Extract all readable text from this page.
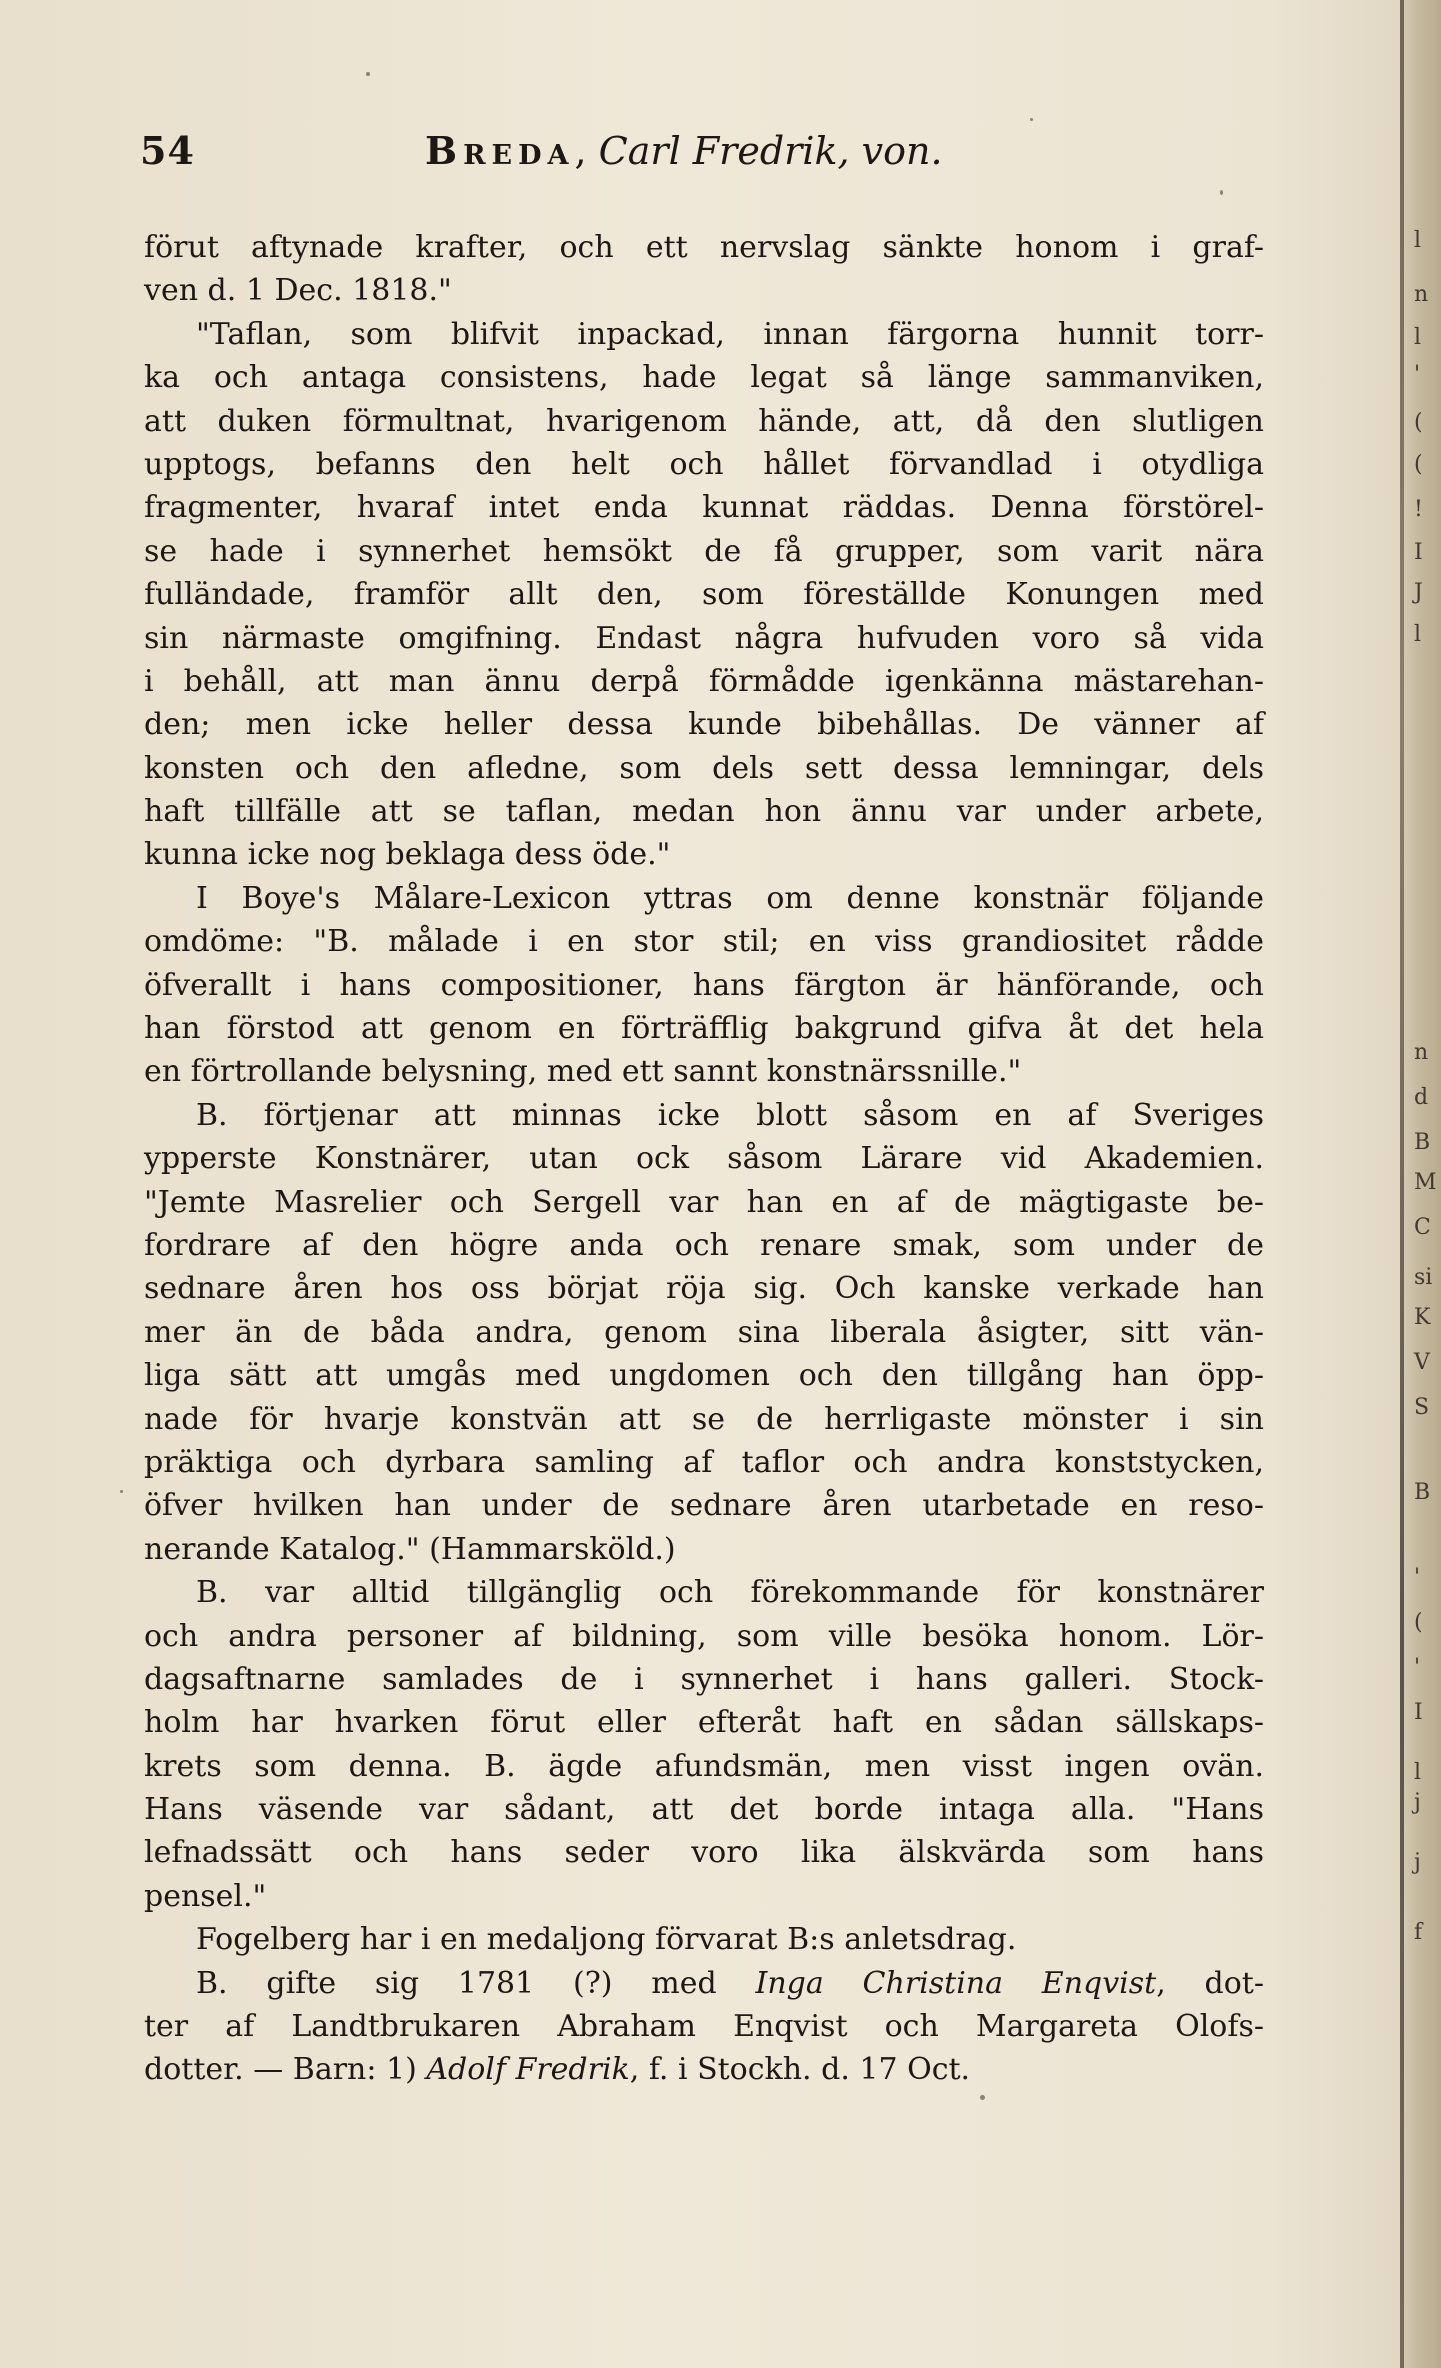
l
n
l
'
(
(
!
I
J
l
n
d
B
M
C
si
K
V
S
B
'
(
'
I
l
j
j
f
54	Breda, Carl Fredrik, von.
förut aftynade krafter, och ett nervslag sänkte honom i graf-
ven d. 1 Dec. 1818."
"Taflan, som blifvit inpackad, innan färgorna hunnit torr-
ka och antaga consistens, hade legat så länge sammanviken,
att duken förmultnat, hvarigenom hände, att, då den slutligen
upptogs, befanns den helt och hållet förvandlad i otydliga
fragmenter, hvaraf intet enda kunnat räddas. Denna förstörel-
se hade i synnerhet hemsökt de få grupper, som varit nära
fulländade, framför allt den, som föreställde Konungen med
sin närmaste omgifning. Endast några hufvuden voro så vida
i behåll, att man ännu derpå förmådde igenkänna mästarehan-
den; men icke heller dessa kunde bibehållas. De vänner af
konsten och den afledne, som dels sett dessa lemningar, dels
haft tillfälle att se taflan, medan hon ännu var under arbete,
kunna icke nog beklaga dess öde."
I Boye's Målare-Lexicon yttras om denne konstnär följande
omdöme: "B. målade i en stor stil; en viss grandiositet rådde
öfverallt i hans compositioner, hans färgton är hänförande, och
han förstod att genom en förträfflig bakgrund gifva åt det hela
en förtrollande belysning, med ett sannt konstnärssnille."
B. förtjenar att minnas icke blott såsom en af Sveriges
ypperste Konstnärer, utan ock såsom Lärare vid Akademien.
"Jemte Masrelier och Sergell var han en af de mägtigaste be-
fordrare af den högre anda och renare smak, som under de
sednare åren hos oss börjat röja sig. Och kanske verkade han
mer än de båda andra, genom sina liberala åsigter, sitt vän-
liga sätt att umgås med ungdomen och den tillgång han öpp-
nade för hvarje konstvän att se de herrligaste mönster i sin
präktiga och dyrbara samling af taflor och andra konststycken,
öfver hvilken han under de sednare åren utarbetade en reso-
nerande Katalog." (Hammarsköld.)
B. var alltid tillgänglig och förekommande för konstnärer
och andra personer af bildning, som ville besöka honom. Lör-
dagsaftnarne samlades de i synnerhet i hans galleri. Stock-
holm har hvarken förut eller efteråt haft en sådan sällskaps-
krets som denna. B. ägde afundsmän, men visst ingen ovän.
Hans väsende var sådant, att det borde intaga alla. "Hans
lefnadssätt och hans seder voro lika älskvärda som hans
pensel."
Fogelberg har i en medaljong förvarat B:s anletsdrag.
B. gifte sig 1781 (?) med Inga Christina Enqvist, dot-
ter af Landtbrukaren Abraham Enqvist och Margareta Olofs-
dotter. — Barn: 1) Adolf Fredrik, f. i Stockh. d. 17 Oct.
